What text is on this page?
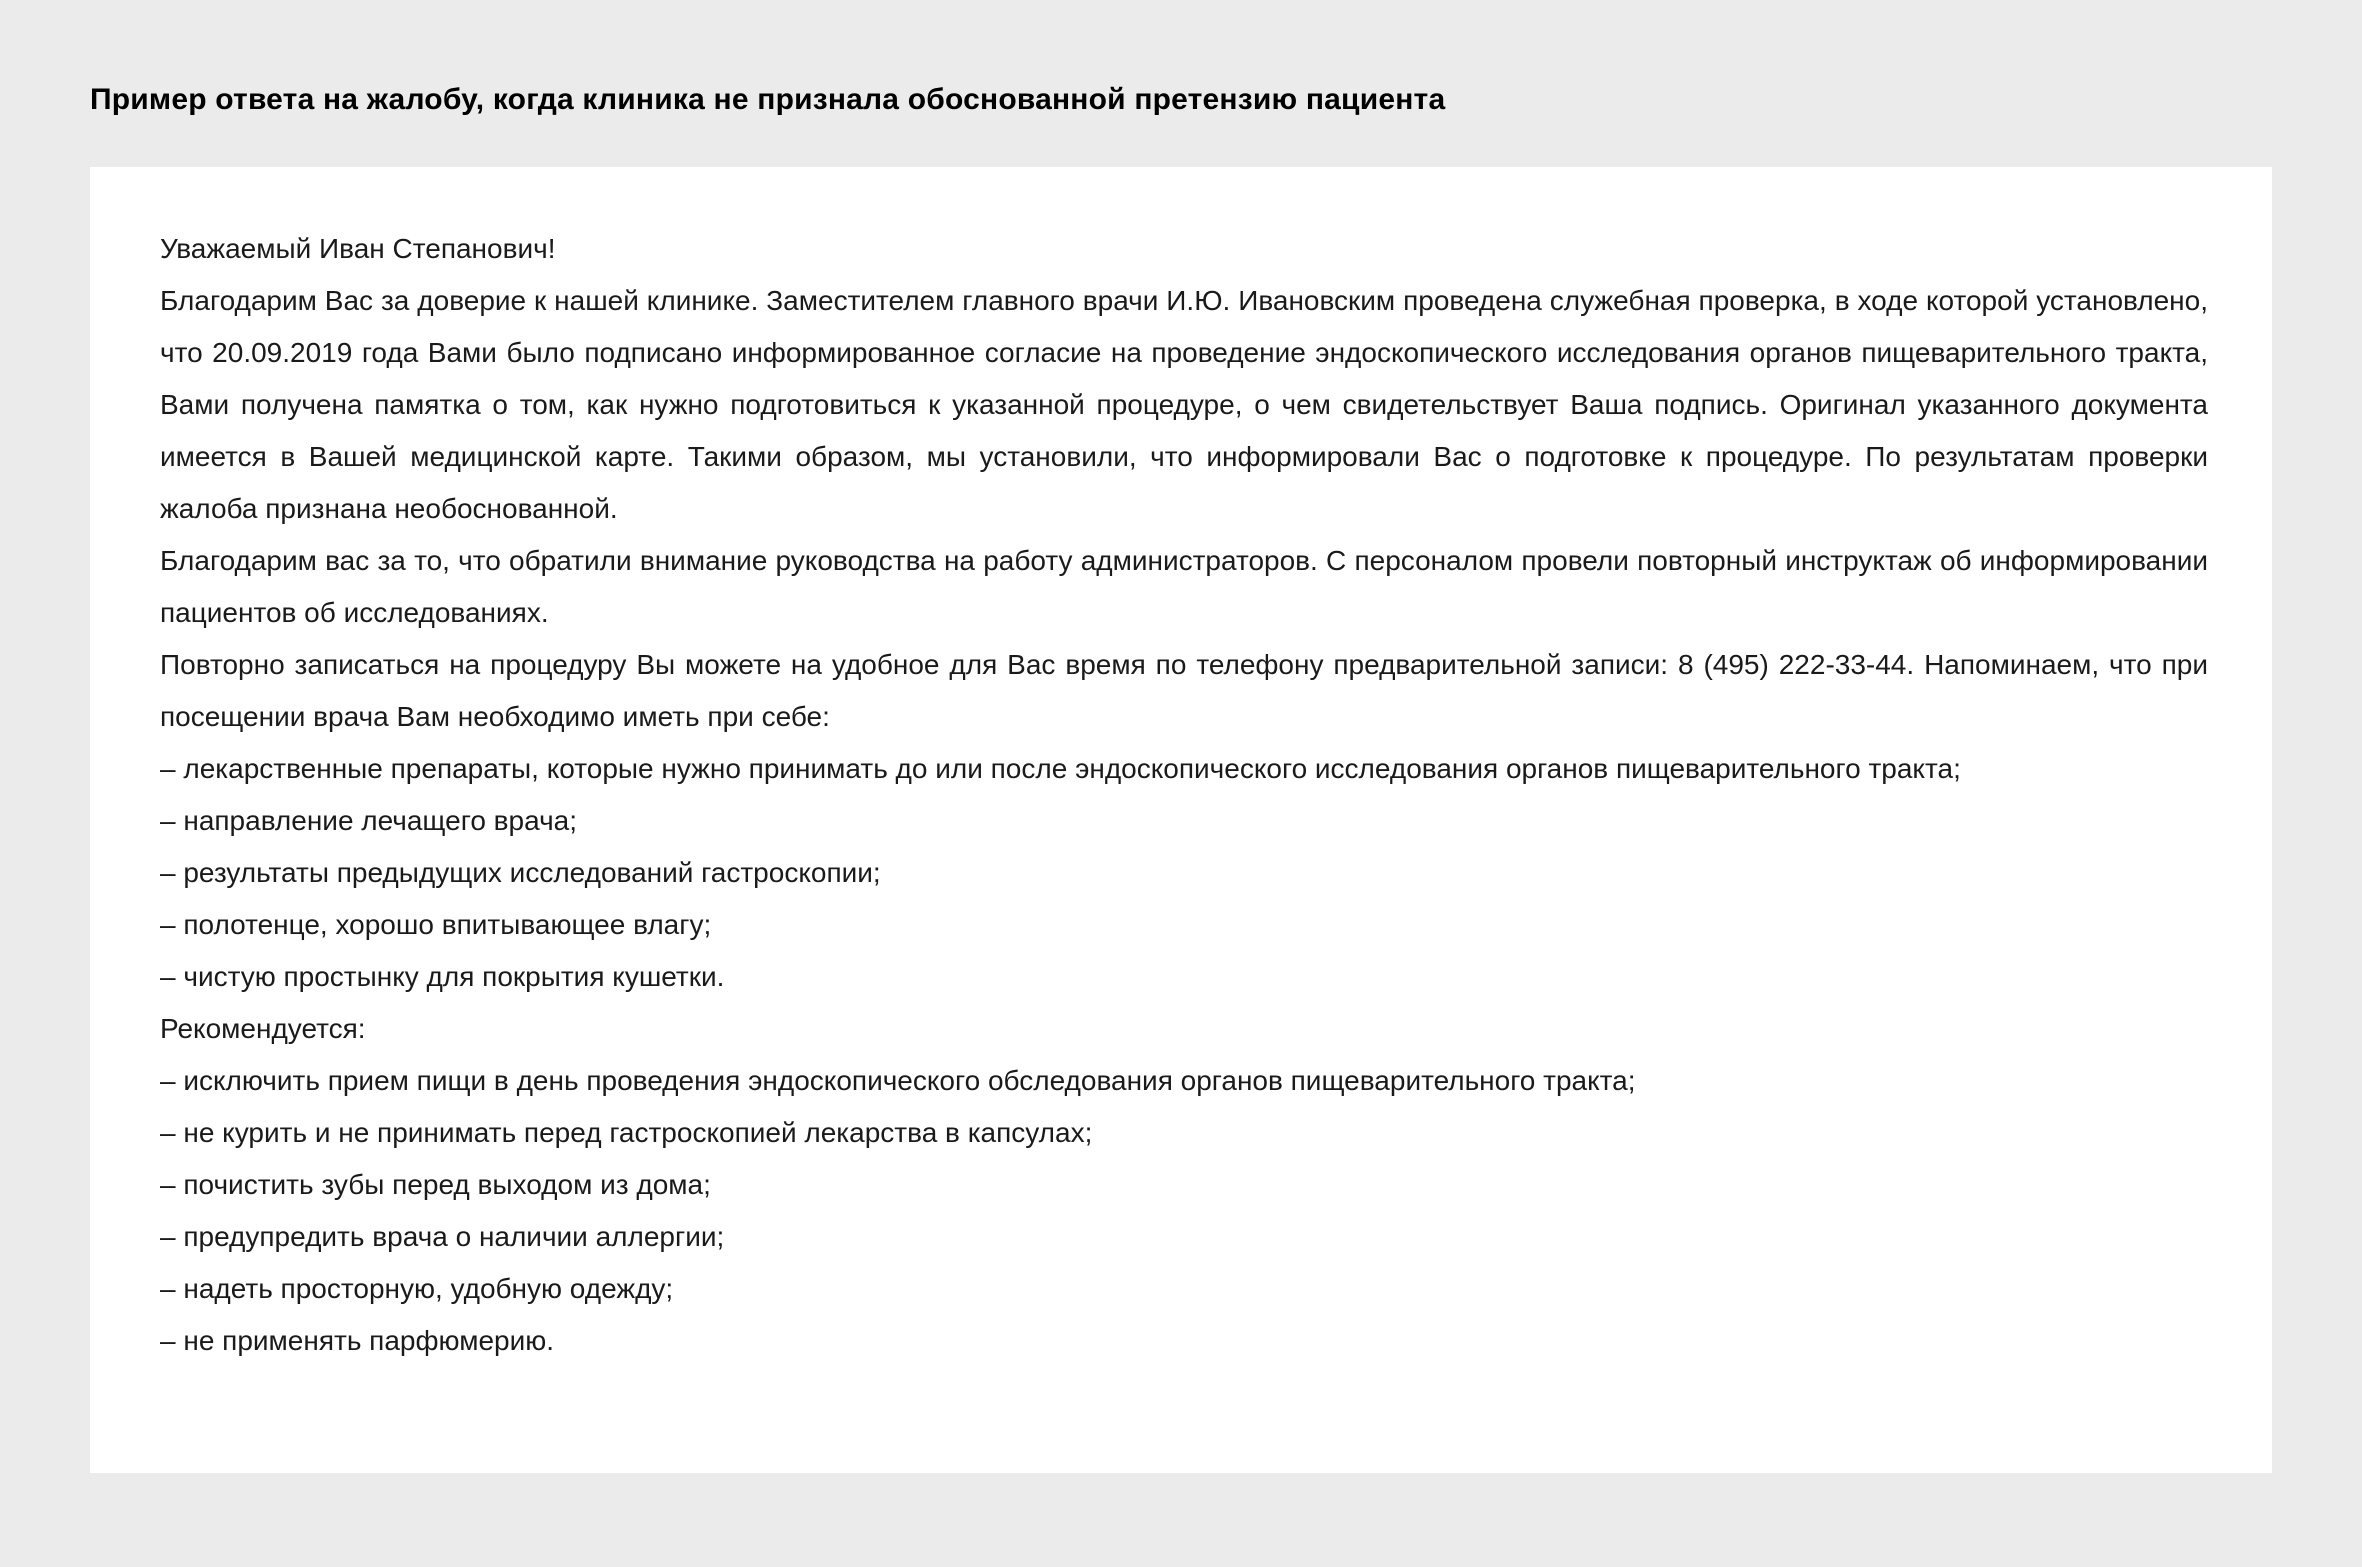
Пример ответа на жалобу, когда клиника не признала обоснованной претензию пациента

Уважаемый Иван Степанович!

Благодарим Вас за доверие к нашей клинике. Заместителем главного врачи И.Ю. Ивановским проведена служебная проверка, в ходе которой установлено, что 20.09.2019 года Вами было подписано информированное согласие на проведение эндоскопического исследования органов пищеварительного тракта, Вами получена памятка о том, как нужно подготовиться к указанной процедуре, о чем свидетельствует Ваша подпись. Оригинал указанного документа имеется в Вашей медицинской карте. Такими образом, мы установили, что информировали Вас о подготовке к процедуре. По результатам проверки жалоба признана необоснованной.

Благодарим вас за то, что обратили внимание руководства на работу администраторов. С персоналом провели повторный инструктаж об информировании пациентов об исследованиях.

Повторно записаться на процедуру Вы можете на удобное для Вас время по телефону предварительной записи: 8 (495) 222-33-44. Напоминаем, что при посещении врача Вам необходимо иметь при себе:

– лекарственные препараты, которые нужно принимать до или после эндоскопического исследования органов пищеварительного тракта;

– направление лечащего врача;

– результаты предыдущих исследований гастроскопии;

– полотенце, хорошо впитывающее влагу;

– чистую простынку для покрытия кушетки.

Рекомендуется:

– исключить прием пищи в день проведения эндоскопического обследования органов пищеварительного тракта;

– не курить и не принимать перед гастроскопией лекарства в капсулах;

– почистить зубы перед выходом из дома;

– предупредить врача о наличии аллергии;

– надеть просторную, удобную одежду;

– не применять парфюмерию.
